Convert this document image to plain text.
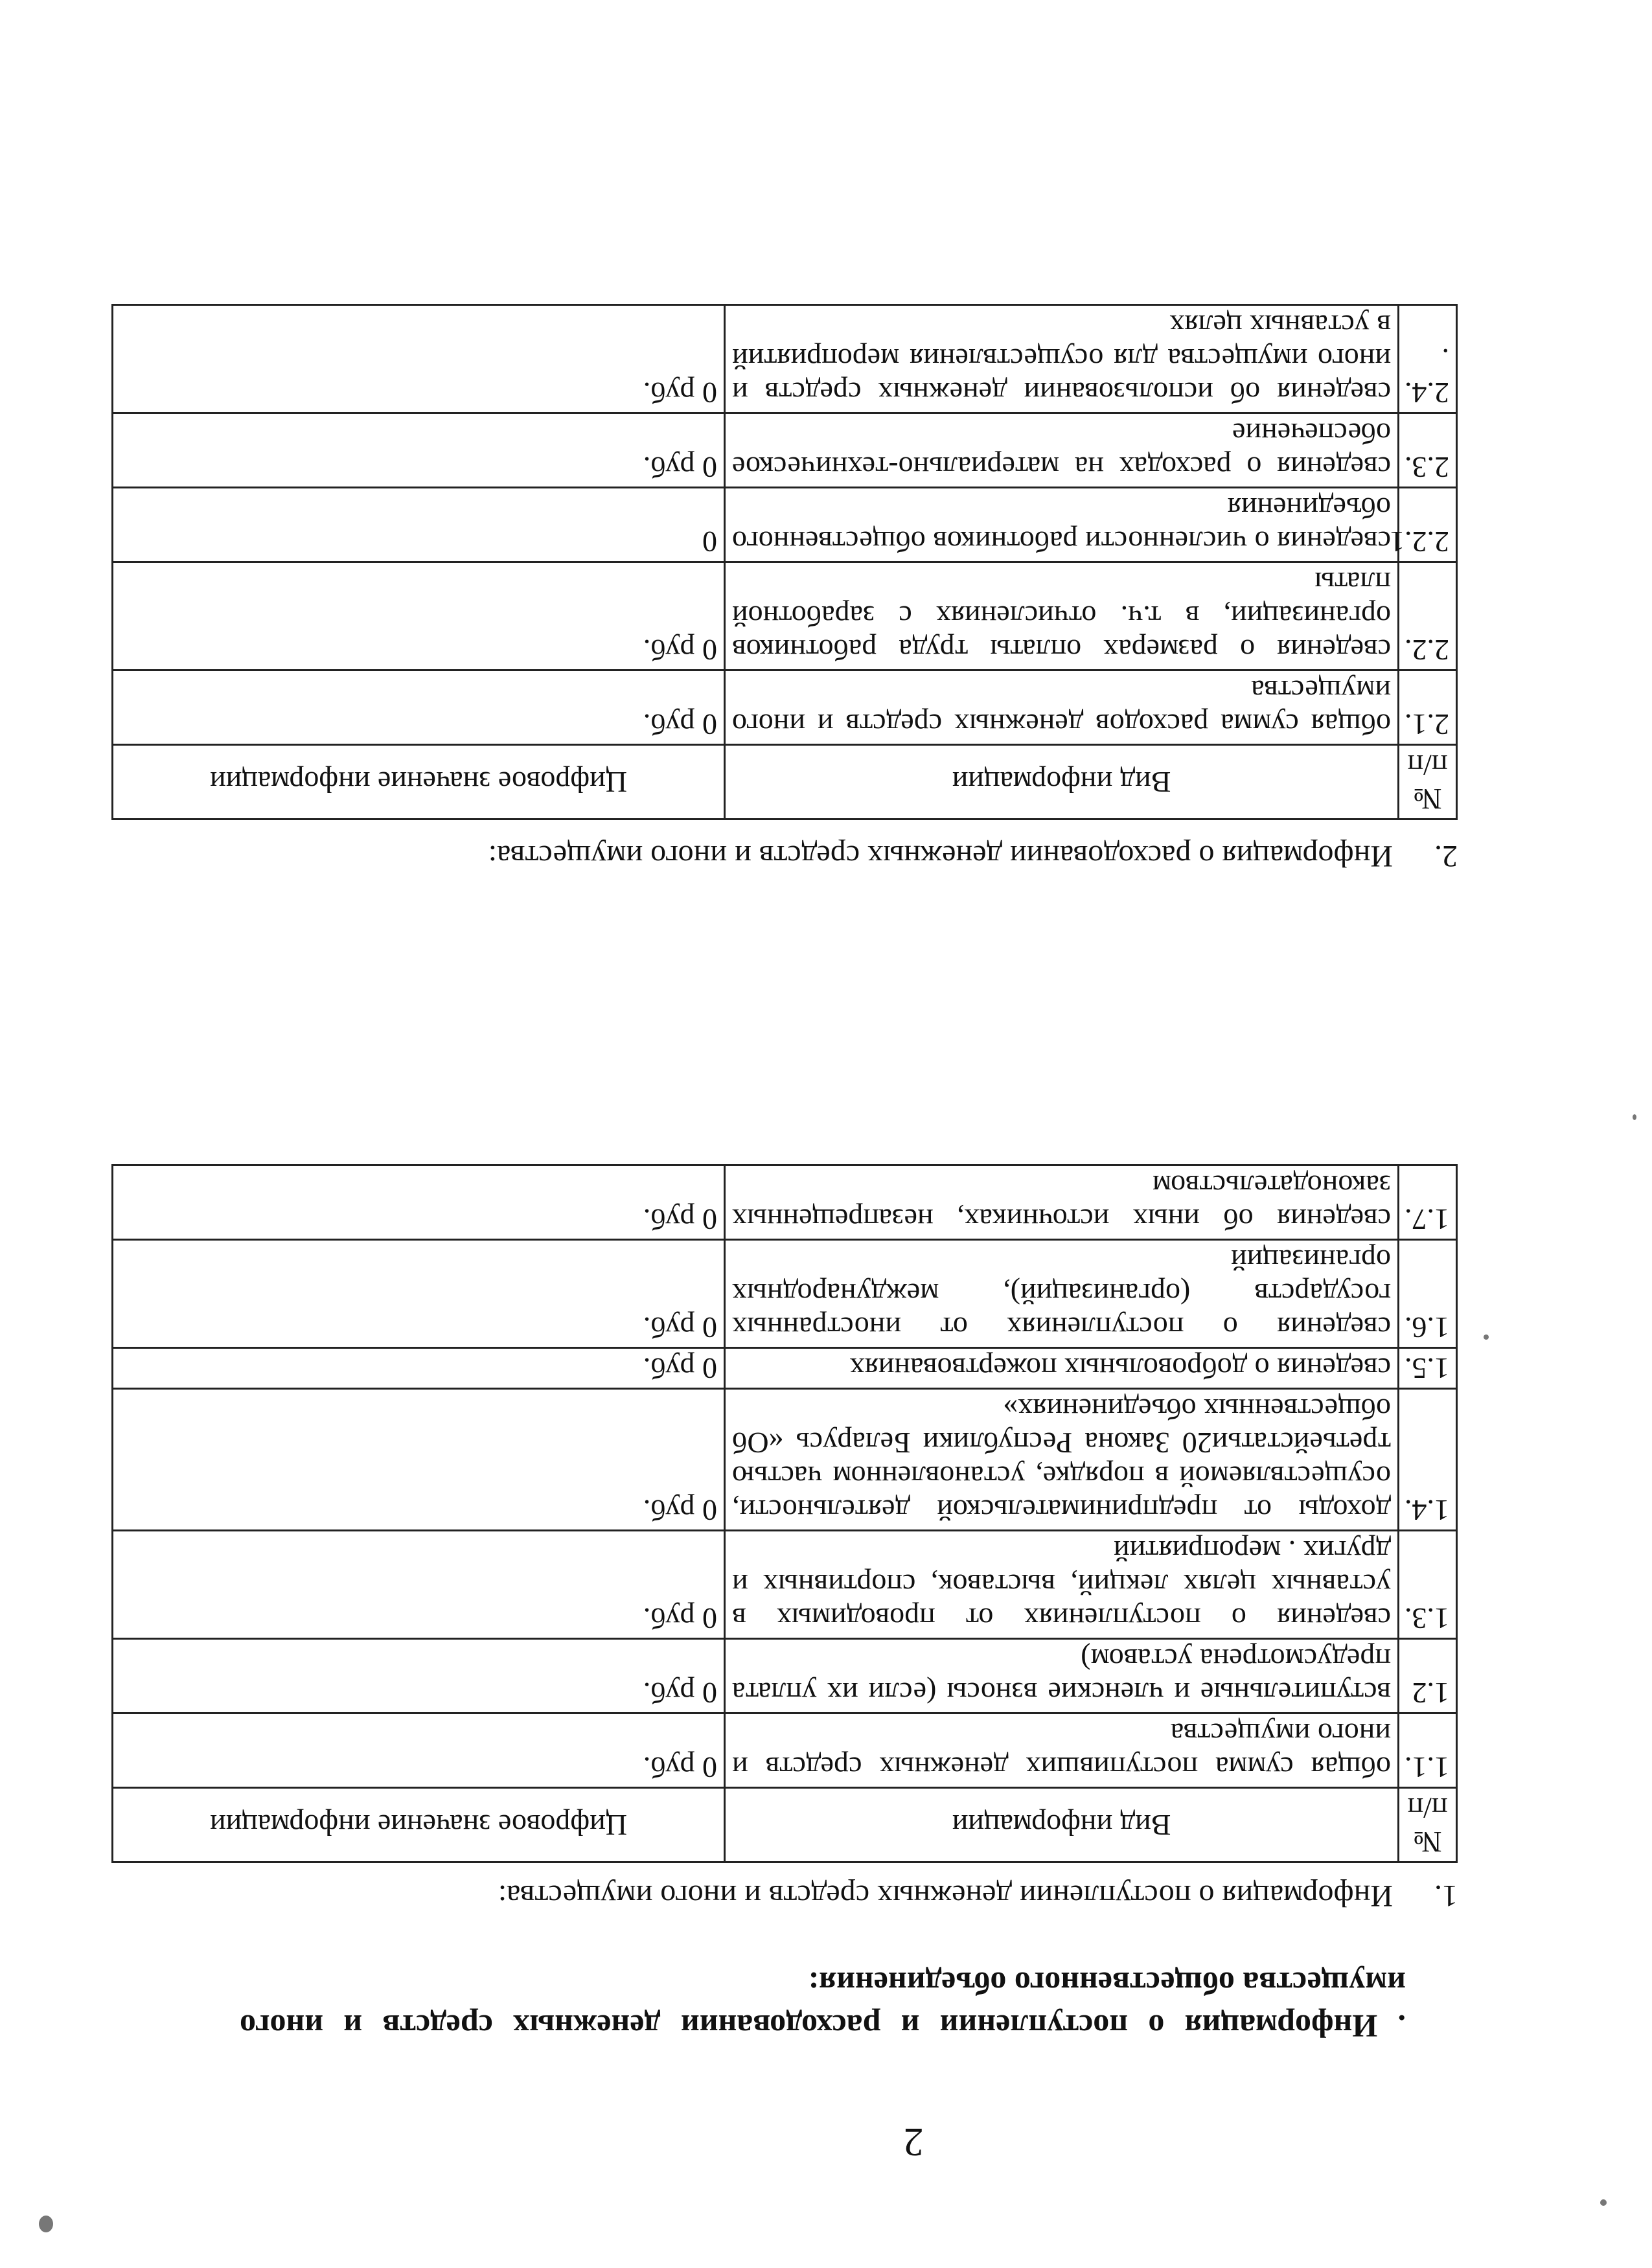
2
. Информация о поступлении и расходовании денежных средств и иного имущества общественного объединения:
1.Информация о поступлении денежных средств и иного имущества:
№ п/п	Вид информации	Цифровое значение информации
1.1.	общая сумма поступивших денежных средств и иного имущества	0 руб.
1.2	вступительные и членские взносы (если их уплата предусмотрена уставом)	0 руб.
1.3.	сведения о поступлениях от проводимых в уставных целях лекций, выставок, спортивных и других . мероприятий	0 руб.
1.4.	доходы от предпринимательской деятельности, осуществляемой в порядке, установленном частью третьейстатьи20 Закона Республики Беларусь «Об общественных объединениях»	0 руб.
1.5.	сведения о добровольных пожертвованиях	0 руб.
1.6.	сведения о поступлениях от иностранных государств (организаций), международных организаций	0 руб.
1.7.	сведения об иных источниках, незапрещенных законодательством	0 руб.
2.Информация о расходовании денежных средств и иного имущества:
№ п/п	Вид информации	Цифровое значение информации
2.1.	общая сумма расходов денежных средств и иного имущества	0 руб.
2.2.	сведения о размерах оплаты труда работников организации, в т.ч. отчислениях с заработной платы	0 руб.
2.2.1	сведения о численности работников общественного объединения	0
2.3.	сведения о расходах на материально-техническое обеспечение	0 руб.
2.4. .	сведения об использовании денежных средств и иного имущества для осуществления мероприятий в уставных целях	0 руб.
